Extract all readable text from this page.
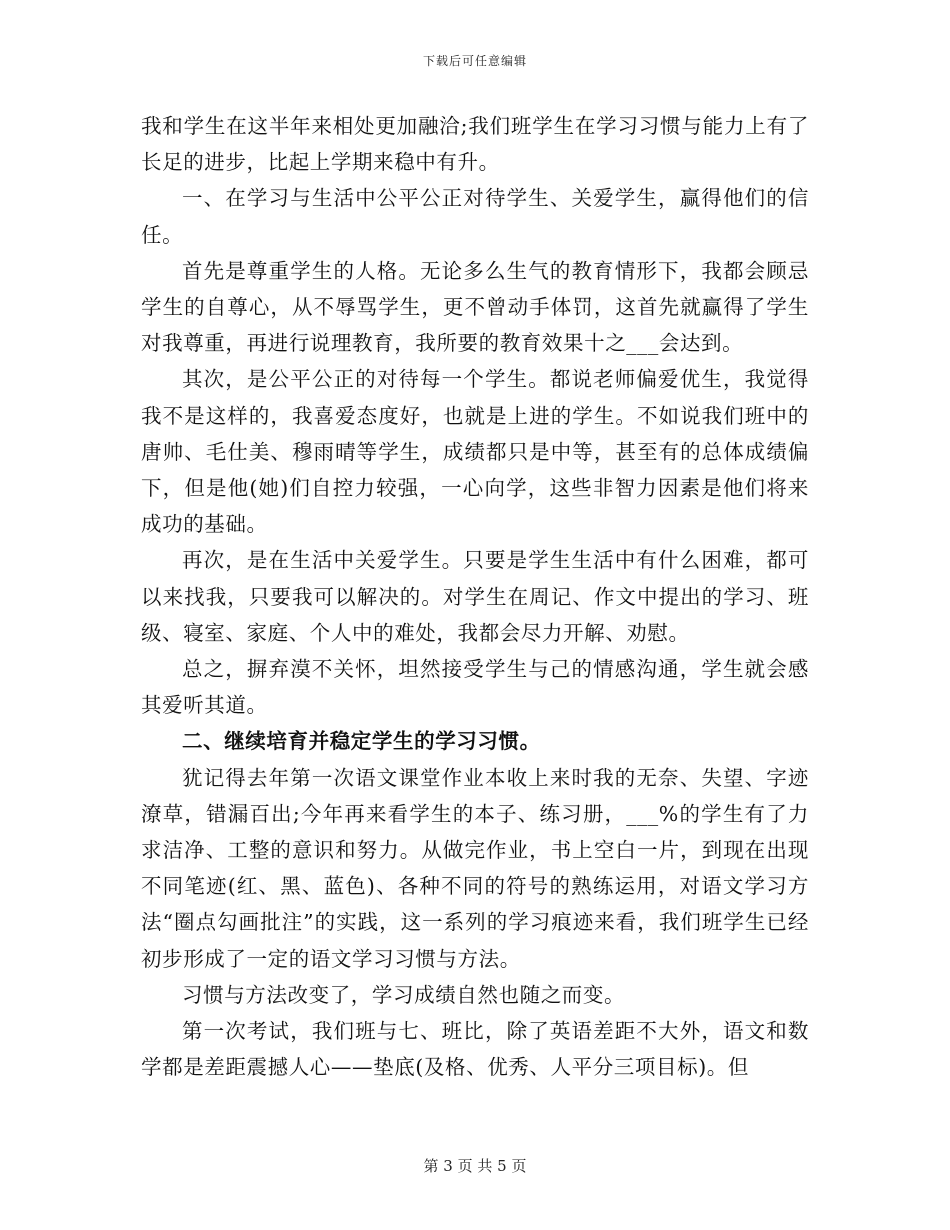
下载后可任意编辑

我和学生在这半年来相处更加融洽;我们班学生在学习习惯与能力上有了长足的进步，比起上学期来稳中有升。

一、在学习与生活中公平公正对待学生、关爱学生，赢得他们的信任。

首先是尊重学生的人格。无论多么生气的教育情形下，我都会顾忌学生的自尊心，从不辱骂学生，更不曾动手体罚，这首先就赢得了学生对我尊重，再进行说理教育，我所要的教育效果十之___会达到。

其次，是公平公正的对待每一个学生。都说老师偏爱优生，我觉得我不是这样的，我喜爱态度好，也就是上进的学生。不如说我们班中的唐帅、毛仕美、穆雨晴等学生，成绩都只是中等，甚至有的总体成绩偏下，但是他(她)们自控力较强，一心向学，这些非智力因素是他们将来成功的基础。

再次，是在生活中关爱学生。只要是学生生活中有什么困难，都可以来找我，只要我可以解决的。对学生在周记、作文中提出的学习、班级、寝室、家庭、个人中的难处，我都会尽力开解、劝慰。

总之，摒弃漠不关怀，坦然接受学生与己的情感沟通，学生就会感其爱听其道。

二、继续培育并稳定学生的学习习惯。

犹记得去年第一次语文课堂作业本收上来时我的无奈、失望、字迹潦草，错漏百出;今年再来看学生的本子、练习册，___%的学生有了力求洁净、工整的意识和努力。从做完作业，书上空白一片，到现在出现不同笔迹(红、黑、蓝色)、各种不同的符号的熟练运用，对语文学习方法“圈点勾画批注”的实践，这一系列的学习痕迹来看，我们班学生已经初步形成了一定的语文学习习惯与方法。

习惯与方法改变了，学习成绩自然也随之而变。

第一次考试，我们班与七、班比，除了英语差距不大外，语文和数学都是差距震撼人心——垫底(及格、优秀、人平分三项目标)。但

第 3 页 共 5 页
